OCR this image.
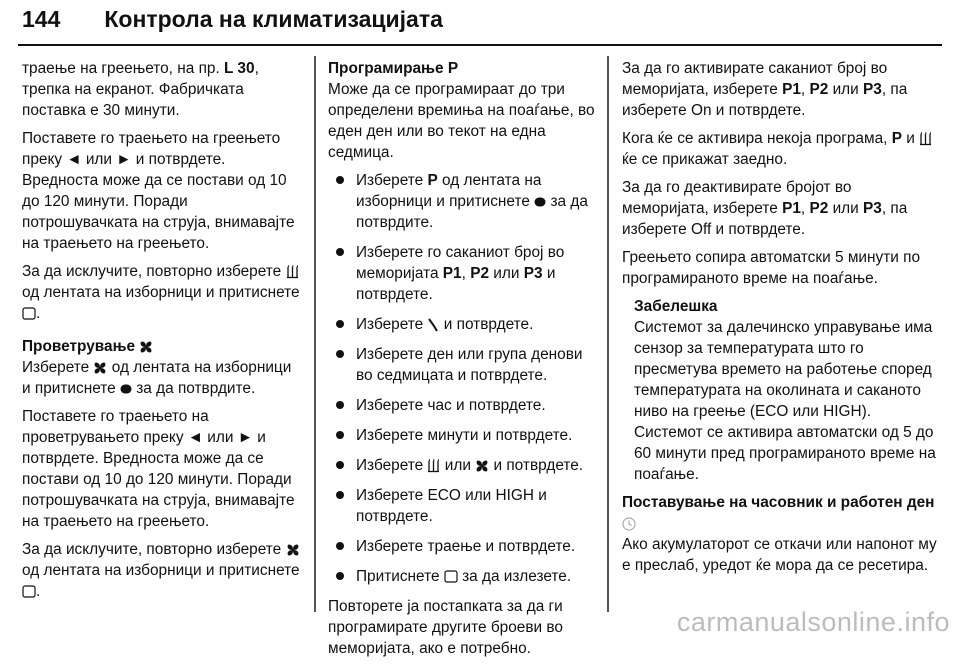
144 Контрола на климатизацијата

траење на греењето, на пр. L 30, трепка на екранот. Фабричката поставка е 30 минути.

Поставете го траењето на греењето преку ◄ или ► и потврдете. Вредноста може да се постави од 10 до 120 минути. Поради потрошувачката на струја, внимавајте на траењето на греењето.

За да исклучите, повторно изберете  од лентата на изборници и притиснете .

Проветрување

Изберете  од лентата на изборници и притиснете  за да потврдите.

Поставете го траењето на проветрувањето преку ◄ или ► и потврдете. Вредноста може да се постави од 10 до 120 минути. Поради потрошувачката на струја, внимавајте на траењето на греењето.

За да исклучите, повторно изберете  од лентата на изборници и притиснете .

Програмирање P

Може да се програмираат до три определени времиња на поаѓање, во еден ден или во текот на една седмица.

Изберете P од лентата на изборници и притиснете  за да потврдите.
Изберете го саканиот број во меморијата P1, P2 или P3 и потврдете.
Изберете  и потврдете.
Изберете ден или група денови во седмицата и потврдете.
Изберете час и потврдете.
Изберете минути и потврдете.
Изберете  или  и потврдете.
Изберете ECO или HIGH и потврдете.
Изберете траење и потврдете.
Притиснете  за да излезете.

Повторете ја постапката за да ги програмирате другите броеви во меморијата, ако е потребно.

За да го активирате саканиот број во меморијата, изберете P1, P2 или P3, па изберете On и потврдете.

Кога ќе се активира некоја програма, P и  ќе се прикажат заедно.

За да го деактивирате бројот во меморијата, изберете P1, P2 или P3, па изберете Off и потврдете.

Греењето сопира автоматски 5 минути по програмираното време на поаѓање.

Забелешка

Системот за далечинско управување има сензор за температурата што го пресметува времето на работење според температурата на околината и саканото ниво на греење (ECO или HIGH). Системот се активира автоматски од 5 до 60 минути пред програмираното време на поаѓање.

Поставување на часовник и работен ден

Ако акумулаторот се откачи или напонот му е преслаб, уредот ќе мора да се ресетира.

carmanualsonline.info
